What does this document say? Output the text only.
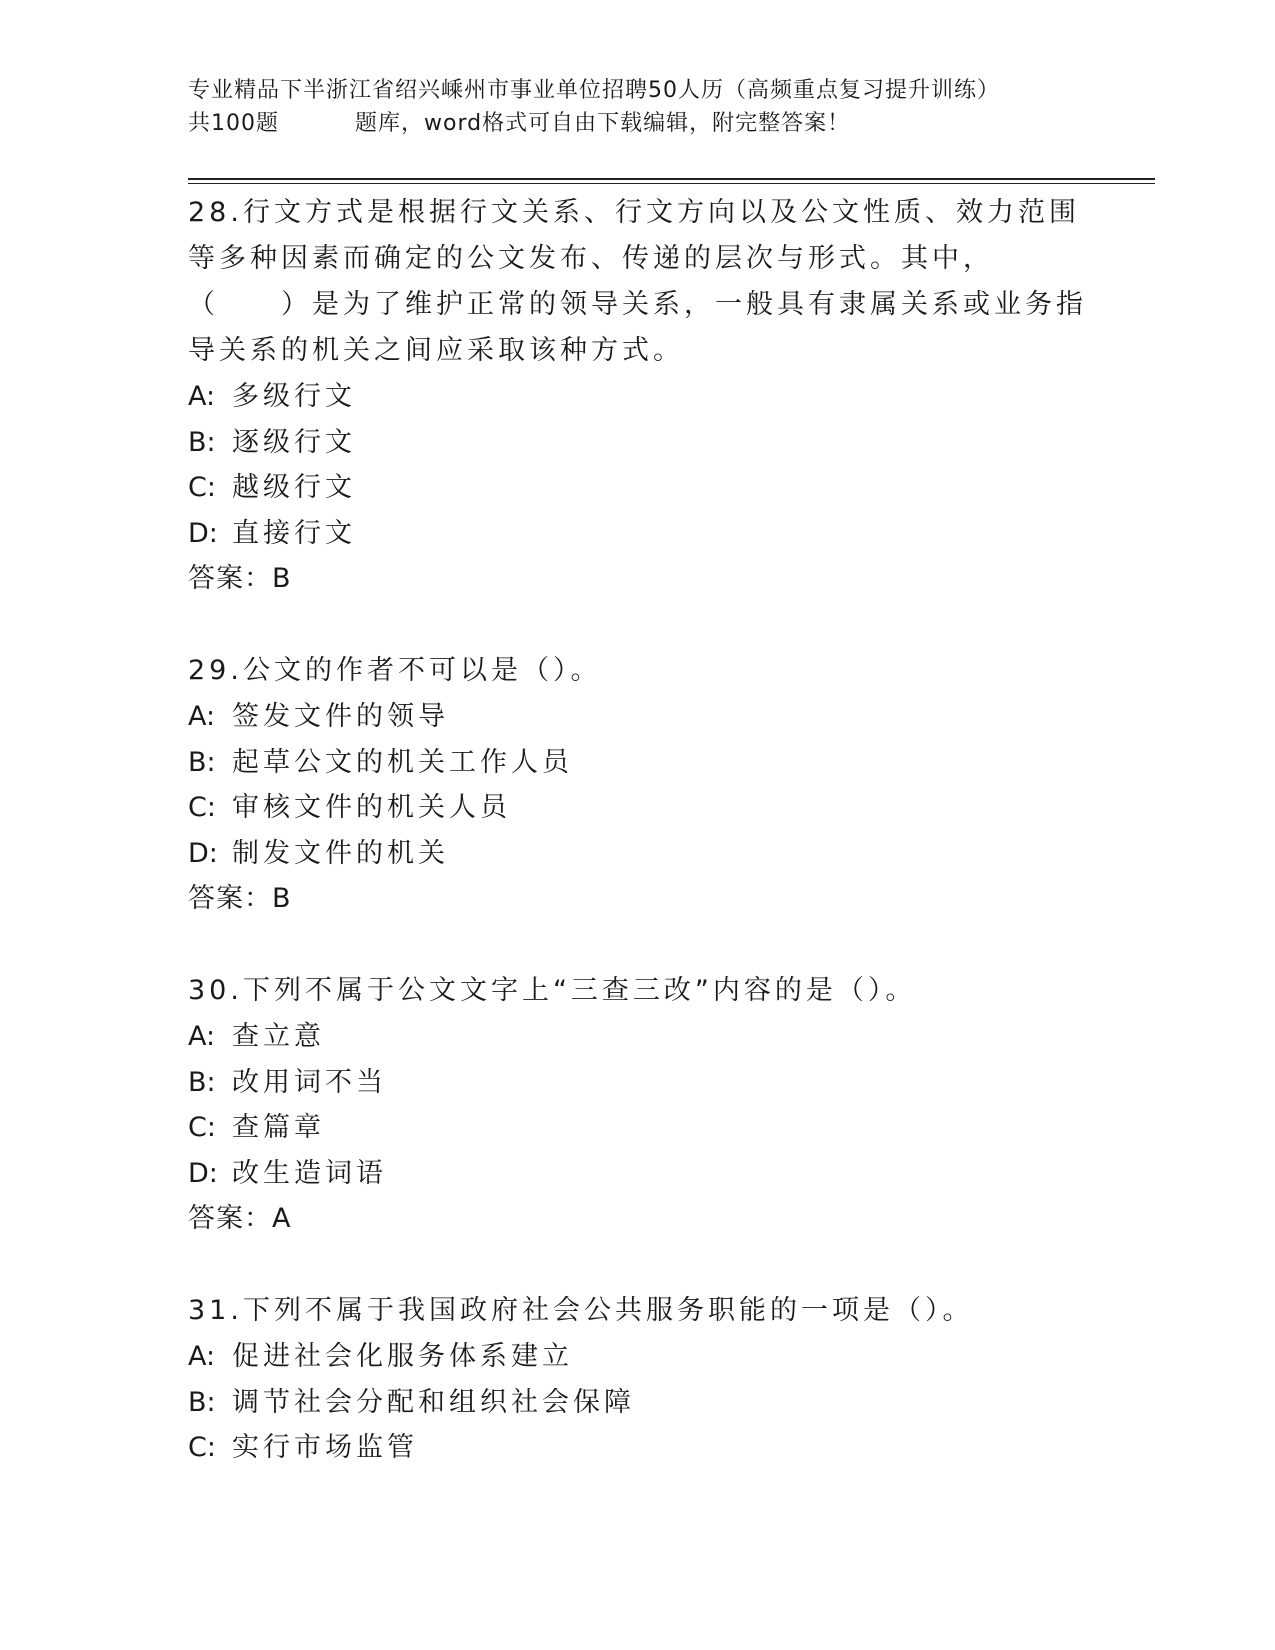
专业精品下半浙江省绍兴嵊州市事业单位招聘50人历（高频重点复习提升训练）
共100题	题库，word格式可自由下载编辑，附完整答案！

28.行文方式是根据行文关系、行文方向以及公文性质、效力范围等多种因素而确定的公文发布、传递的层次与形式。其中，（　　）是为了维护正常的领导关系，一般具有隶属关系或业务指导关系的机关之间应采取该种方式。

A: 多级行文

B: 逐级行文

C: 越级行文

D: 直接行文

答案：B

29.公文的作者不可以是（）。

A: 签发文件的领导

B: 起草公文的机关工作人员

C: 审核文件的机关人员

D: 制发文件的机关

答案：B

30.下列不属于公文文字上“三查三改”内容的是（）。

A: 查立意

B: 改用词不当

C: 查篇章

D: 改生造词语

答案：A

31.下列不属于我国政府社会公共服务职能的一项是（）。

A: 促进社会化服务体系建立

B: 调节社会分配和组织社会保障

C: 实行市场监管
